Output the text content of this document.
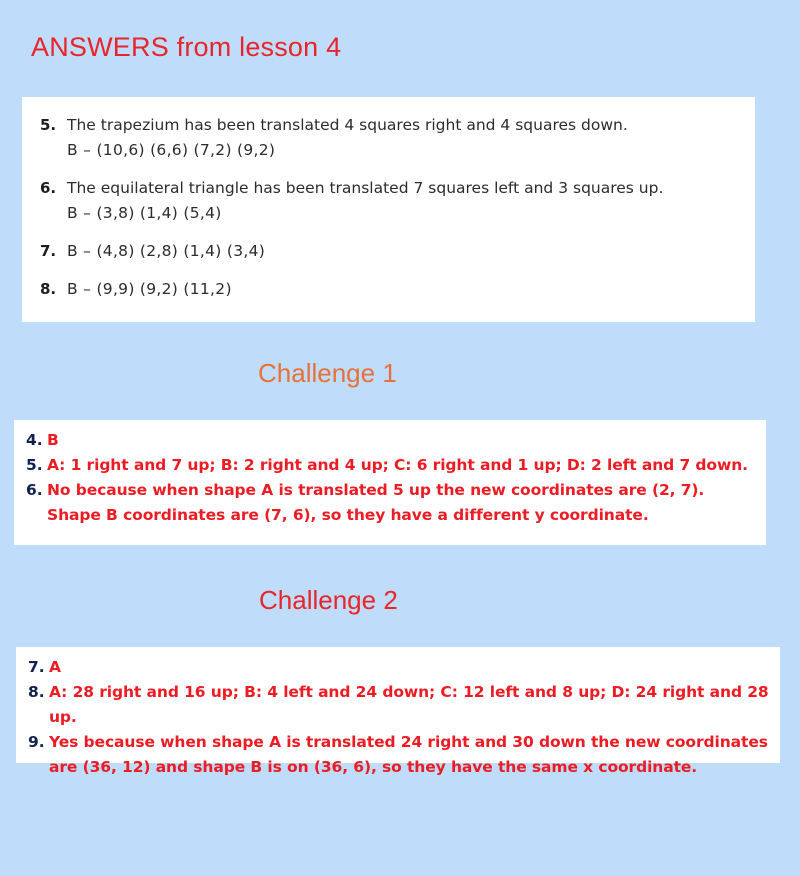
ANSWERS from lesson 4
5. The trapezium has been translated 4 squares right and 4 squares down.
B – (10,6) (6,6) (7,2) (9,2)
6. The equilateral triangle has been translated 7 squares left and 3 squares up.
B – (3,8) (1,4) (5,4)
7. B – (4,8) (2,8) (1,4) (3,4)
8. B – (9,9) (9,2) (11,2)
Challenge 1
4. B
5. A: 1 right and 7 up; B: 2 right and 4 up; C: 6 right and 1 up; D: 2 left and 7 down.
6. No because when shape A is translated 5 up the new coordinates are (2, 7). Shape B coordinates are (7, 6), so they have a different y coordinate.
Challenge 2
7. A
8. A: 28 right and 16 up; B: 4 left and 24 down; C: 12 left and 8 up; D: 24 right and 28 up.
9. Yes because when shape A is translated 24 right and 30 down the new coordinates are (36, 12) and shape B is on (36, 6), so they have the same x coordinate.
